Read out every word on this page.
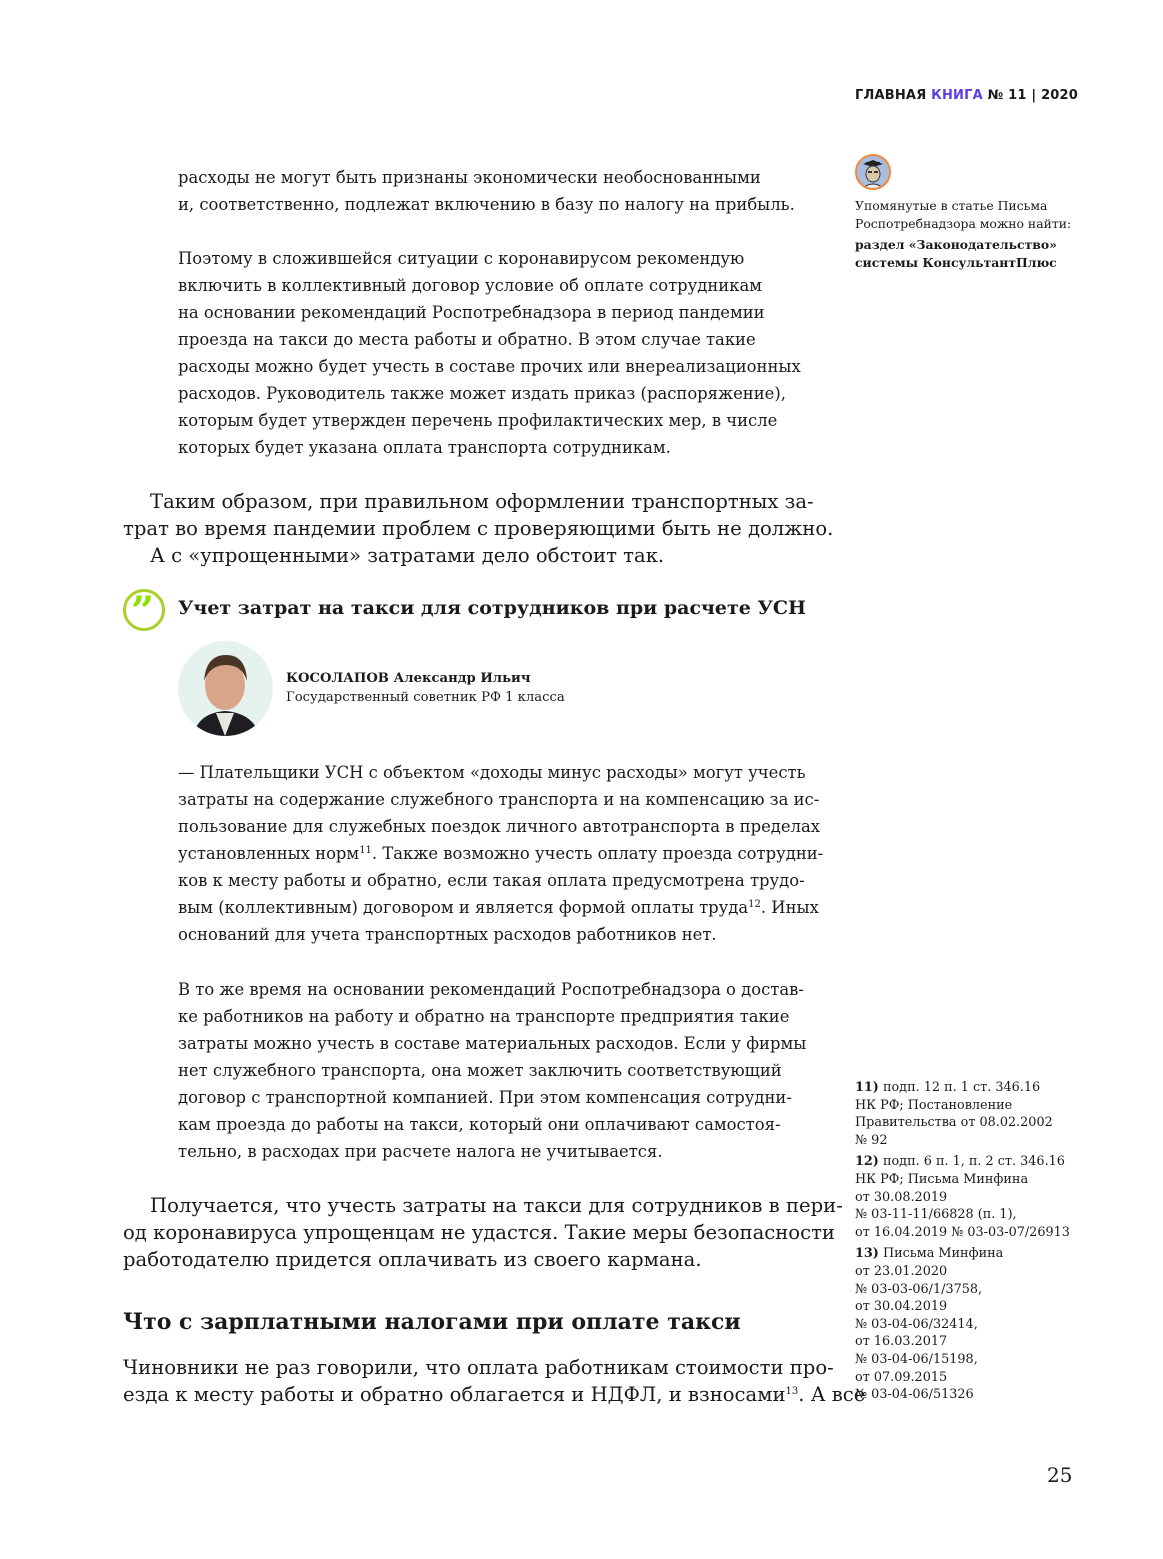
ГЛАВНАЯ КНИГА № 11 | 2020
Упомянутые в статье Письма
Роспотребнадзора можно найти:
раздел «Законодательство»
системы КонсультантПлюс
расходы не могут быть признаны экономически необоснованными
и, соответственно, подлежат включению в базу по налогу на прибыль.
Поэтому в сложившейся ситуации с коронавирусом рекомендую
включить в коллективный договор условие об оплате сотрудникам
на основании рекомендаций Роспотребнадзора в период пандемии
проезда на такси до места работы и обратно. В этом случае такие
расходы можно будет учесть в составе прочих или внереализационных
расходов. Руководитель также может издать приказ (распоряжение),
которым будет утвержден перечень профилактических мер, в числе
которых будет указана оплата транспорта сотрудникам.
Таким образом, при правильном оформлении транспортных за-
трат во время пандемии проблем с проверяющими быть не должно.
А с «упрощенными» затратами дело обстоит так.
” Учет затрат на такси для сотрудников при расчете УСН
КОСОЛАПОВ Александр Ильич
Государственный советник РФ 1 класса
— Плательщики УСН с объектом «доходы минус расходы» могут учесть
затраты на содержание служебного транспорта и на компенсацию за ис-
пользование для служебных поездок личного автотранспорта в пределах
установленных норм$^{11}$. Также возможно учесть оплату проезда сотрудни-
ков к месту работы и обратно, если такая оплата предусмотрена трудо-
вым (коллективным) договором и является формой оплаты труда$^{12}$. Иных
оснований для учета транспортных расходов работников нет.
В то же время на основании рекомендаций Роспотребнадзора о достав-
ке работников на работу и обратно на транспорте предприятия такие
затраты можно учесть в составе материальных расходов. Если у фирмы
нет служебного транспорта, она может заключить соответствующий
договор с транспортной компанией. При этом компенсация сотрудни-
кам проезда до работы на такси, который они оплачивают самостоя-
тельно, в расходах при расчете налога не учитывается.
Получается, что учесть затраты на такси для сотрудников в пери-
од коронавируса упрощенцам не удастся. Такие меры безопасности
работодателю придется оплачивать из своего кармана.
Что с зарплатными налогами при оплате такси
Чиновники не раз говорили, что оплата работникам стоимости про-
езда к месту работы и обратно облагается и НДФЛ, и взносами$^{13}$. А все
11) подп. 12 п. 1 ст. 346.16
НК РФ; Постановление
Правительства от 08.02.2002
№ 92
12) подп. 6 п. 1, п. 2 ст. 346.16
НК РФ; Письма Минфина
от 30.08.2019
№ 03-11-11/66828 (п. 1),
от 16.04.2019 № 03-03-07/26913
13) Письма Минфина
от 23.01.2020
№ 03-03-06/1/3758,
от 30.04.2019
№ 03-04-06/32414,
от 16.03.2017
№ 03-04-06/15198,
от 07.09.2015
№ 03-04-06/51326
25
